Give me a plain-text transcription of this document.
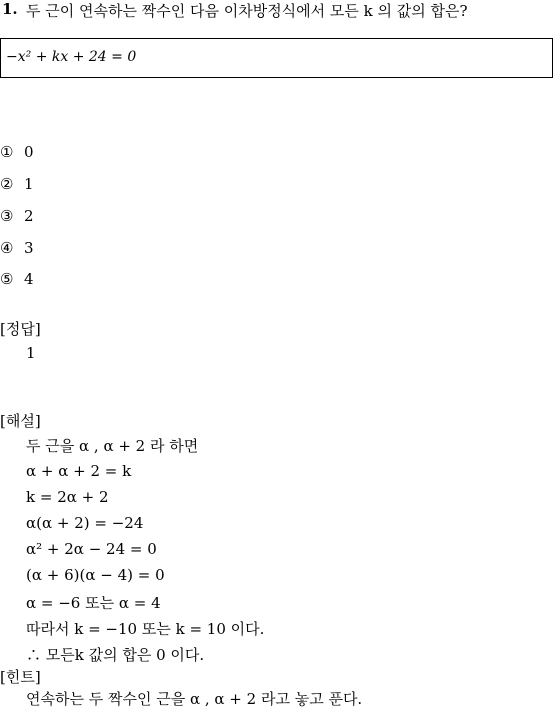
1. 두 근이 연속하는 짝수인 다음 이차방정식에서 모든 k 의 값의 합은?
−x² + kx + 24 = 0
① 0
② 1
③ 2
④ 3
⑤ 4
[정답]
1
[해설]
두 근을 α , α + 2 라 하면
α + α + 2 = k
k = 2α + 2
α(α + 2) = −24
α² + 2α − 24 = 0
(α + 6)(α − 4) = 0
α = −6 또는 α = 4
따라서 k = −10 또는 k = 10 이다.
∴ 모든k 값의 합은 0 이다.
[힌트]
연속하는 두 짝수인 근을 α , α + 2 라고 놓고 푼다.
